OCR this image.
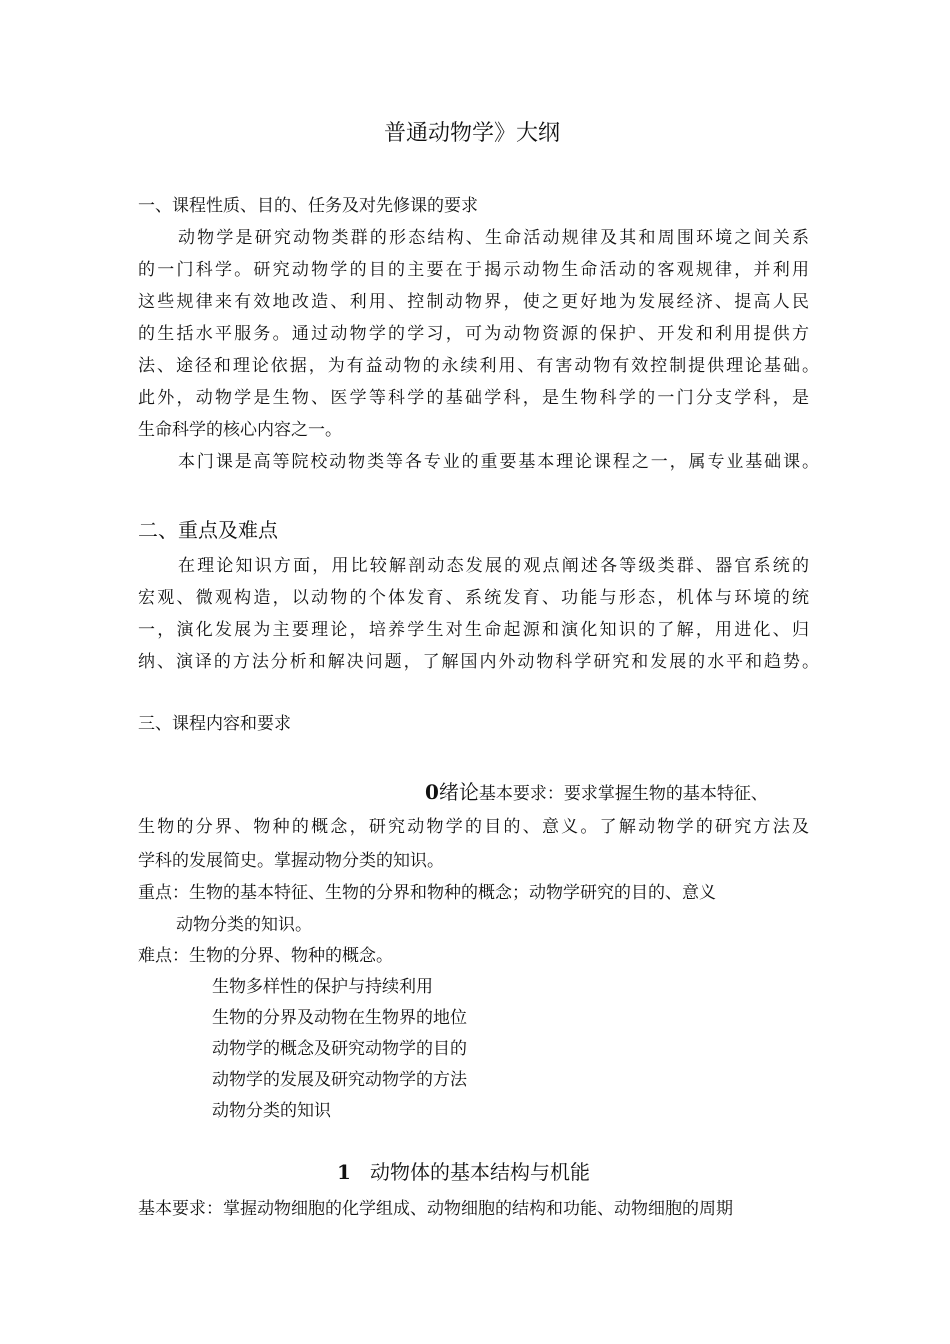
普通动物学》大纲

一、课程性质、目的、任务及对先修课的要求

动物学是研究动物类群的形态结构、生命活动规律及其和周围环境之间关系

的一门科学。研究动物学的目的主要在于揭示动物生命活动的客观规律，并利用

这些规律来有效地改造、利用、控制动物界，使之更好地为发展经济、提高人民

的生括水平服务。通过动物学的学习，可为动物资源的保护、开发和利用提供方

法、途径和理论依据，为有益动物的永续利用、有害动物有效控制提供理论基础。

此外，动物学是生物、医学等科学的基础学科，是生物科学的一门分支学科，是

生命科学的核心内容之一。

本门课是高等院校动物类等各专业的重要基本理论课程之一，属专业基础课。

二、重点及难点

在理论知识方面，用比较解剖动态发展的观点阐述各等级类群、器官系统的

宏观、微观构造，以动物的个体发育、系统发育、功能与形态，机体与环境的统

一，演化发展为主要理论，培养学生对生命起源和演化知识的了解，用进化、归

纳、演译的方法分析和解决问题，了解国内外动物科学研究和发展的水平和趋势。

三、课程内容和要求

0绪论基本要求：要求掌握生物的基本特征、

生物的分界、物种的概念，研究动物学的目的、意义。了解动物学的研究方法及

学科的发展简史。掌握动物分类的知识。

重点：生物的基本特征、生物的分界和物种的概念；动物学研究的目的、意义

动物分类的知识。

难点：生物的分界、物种的概念。

生物多样性的保护与持续利用

生物的分界及动物在生物界的地位

动物学的概念及研究动物学的目的

动物学的发展及研究动物学的方法

动物分类的知识

1 动物体的基本结构与机能

基本要求：掌握动物细胞的化学组成、动物细胞的结构和功能、动物细胞的周期
